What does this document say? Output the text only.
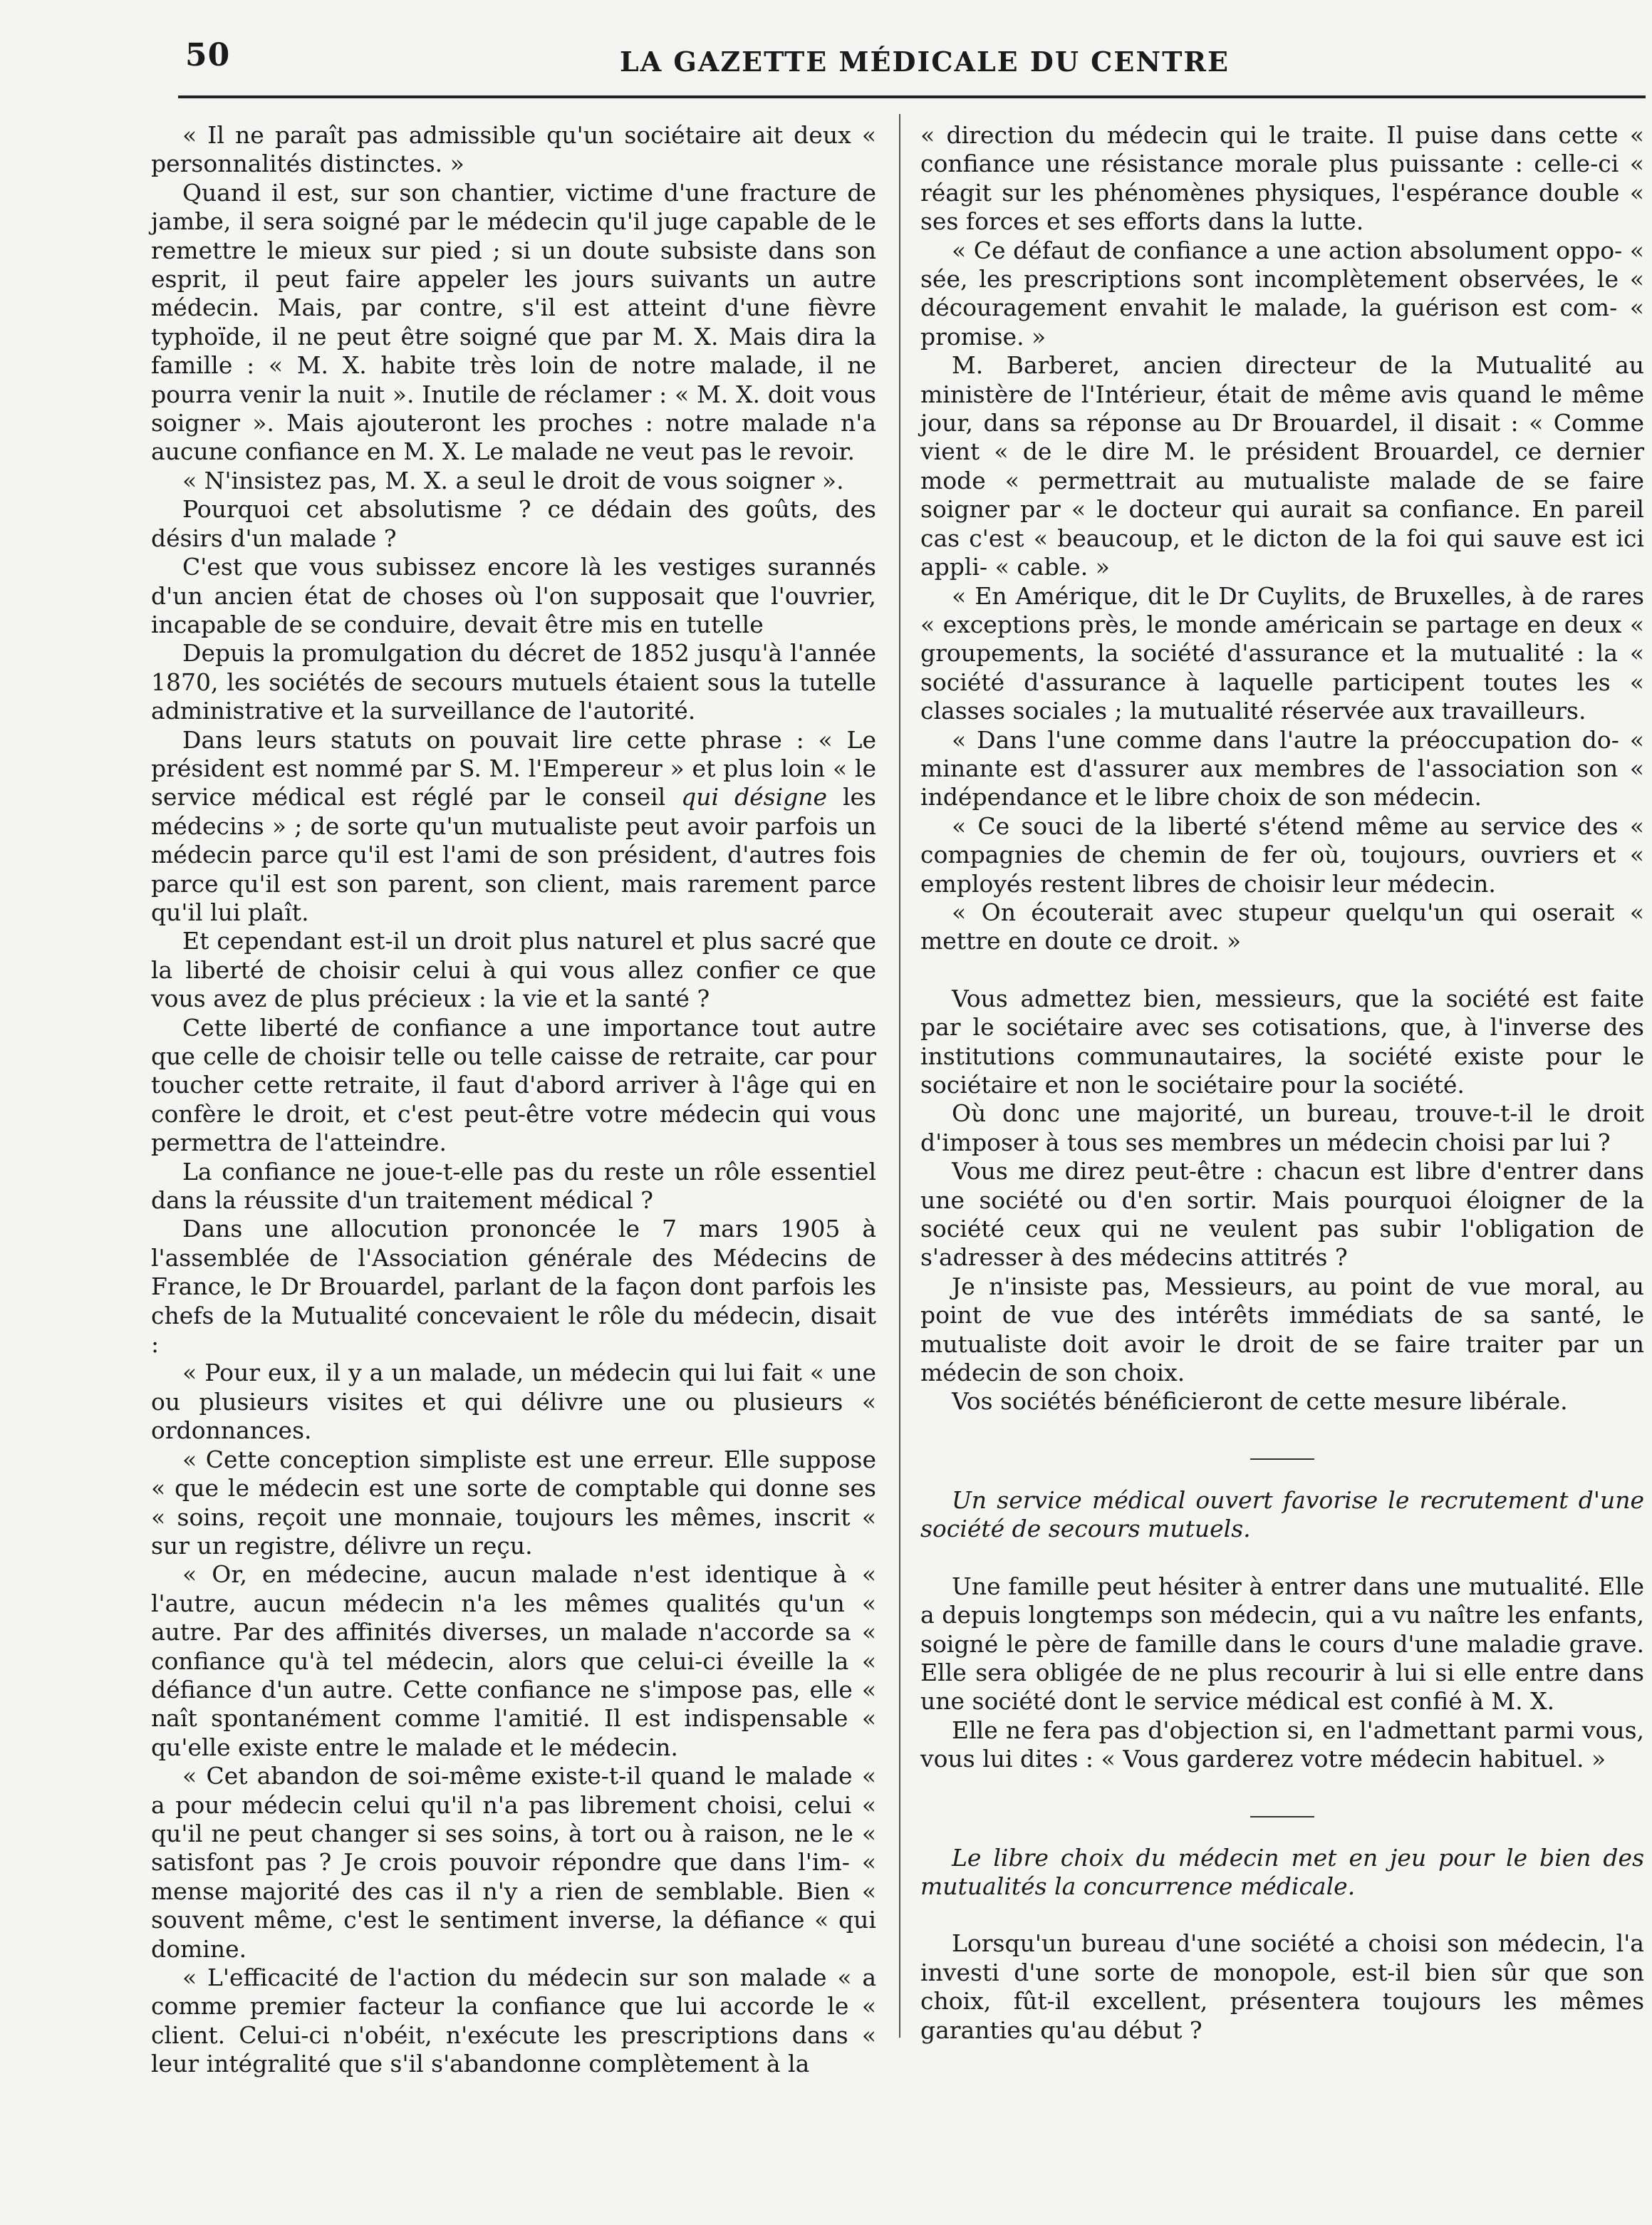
50	LA GAZETTE MÉDICALE DU CENTRE

« Il ne paraît pas admissible qu'un sociétaire ait deux « personnalités distinctes. »

Quand il est, sur son chantier, victime d'une fracture de jambe, il sera soigné par le médecin qu'il juge capable de le remettre le mieux sur pied ; si un doute subsiste dans son esprit, il peut faire appeler les jours suivants un autre médecin. Mais, par contre, s'il est atteint d'une fièvre typhoïde, il ne peut être soigné que par M. X. Mais dira la famille : « M. X. habite très loin de notre malade, il ne pourra venir la nuit ». Inutile de réclamer : « M. X. doit vous soigner ». Mais ajouteront les proches : notre malade n'a aucune confiance en M. X. Le malade ne veut pas le revoir.

« N'insistez pas, M. X. a seul le droit de vous soigner ».

Pourquoi cet absolutisme ? ce dédain des goûts, des désirs d'un malade ?

C'est que vous subissez encore là les vestiges surannés d'un ancien état de choses où l'on supposait que l'ouvrier, incapable de se conduire, devait être mis en tutelle

Depuis la promulgation du décret de 1852 jusqu'à l'année 1870, les sociétés de secours mutuels étaient sous la tutelle administrative et la surveillance de l'autorité.

Dans leurs statuts on pouvait lire cette phrase : « Le président est nommé par S. M. l'Empereur » et plus loin « le service médical est réglé par le conseil qui désigne les médecins » ; de sorte qu'un mutualiste peut avoir parfois un médecin parce qu'il est l'ami de son président, d'autres fois parce qu'il est son parent, son client, mais rarement parce qu'il lui plaît.

Et cependant est-il un droit plus naturel et plus sacré que la liberté de choisir celui à qui vous allez confier ce que vous avez de plus précieux : la vie et la santé ?

Cette liberté de confiance a une importance tout autre que celle de choisir telle ou telle caisse de retraite, car pour toucher cette retraite, il faut d'abord arriver à l'âge qui en confère le droit, et c'est peut-être votre médecin qui vous permettra de l'atteindre.

La confiance ne joue-t-elle pas du reste un rôle essentiel dans la réussite d'un traitement médical ?

Dans une allocution prononcée le 7 mars 1905 à l'assemblée de l'Association générale des Médecins de France, le Dr Brouardel, parlant de la façon dont parfois les chefs de la Mutualité concevaient le rôle du médecin, disait :

« Pour eux, il y a un malade, un médecin qui lui fait « une ou plusieurs visites et qui délivre une ou plusieurs « ordonnances.

« Cette conception simpliste est une erreur. Elle suppose « que le médecin est une sorte de comptable qui donne ses « soins, reçoit une monnaie, toujours les mêmes, inscrit « sur un registre, délivre un reçu.

« Or, en médecine, aucun malade n'est identique à « l'autre, aucun médecin n'a les mêmes qualités qu'un « autre. Par des affinités diverses, un malade n'accorde sa « confiance qu'à tel médecin, alors que celui-ci éveille la « défiance d'un autre. Cette confiance ne s'impose pas, elle « naît spontanément comme l'amitié. Il est indispensable « qu'elle existe entre le malade et le médecin.

« Cet abandon de soi-même existe-t-il quand le malade « a pour médecin celui qu'il n'a pas librement choisi, celui « qu'il ne peut changer si ses soins, à tort ou à raison, ne le « satisfont pas ? Je crois pouvoir répondre que dans l'im- « mense majorité des cas il n'y a rien de semblable. Bien « souvent même, c'est le sentiment inverse, la défiance « qui domine.

« L'efficacité de l'action du médecin sur son malade « a comme premier facteur la confiance que lui accorde le « client. Celui-ci n'obéit, n'exécute les prescriptions dans « leur intégralité que s'il s'abandonne complètement à la

« direction du médecin qui le traite. Il puise dans cette « confiance une résistance morale plus puissante : celle-ci « réagit sur les phénomènes physiques, l'espérance double « ses forces et ses efforts dans la lutte.

« Ce défaut de confiance a une action absolument oppo- « sée, les prescriptions sont incomplètement observées, le « découragement envahit le malade, la guérison est com- « promise. »

M. Barberet, ancien directeur de la Mutualité au ministère de l'Intérieur, était de même avis quand le même jour, dans sa réponse au Dr Brouardel, il disait : « Comme vient « de le dire M. le président Brouardel, ce dernier mode « permettrait au mutualiste malade de se faire soigner par « le docteur qui aurait sa confiance. En pareil cas c'est « beaucoup, et le dicton de la foi qui sauve est ici appli- « cable. »

« En Amérique, dit le Dr Cuylits, de Bruxelles, à de rares « exceptions près, le monde américain se partage en deux « groupements, la société d'assurance et la mutualité : la « société d'assurance à laquelle participent toutes les « classes sociales ; la mutualité réservée aux travailleurs.

« Dans l'une comme dans l'autre la préoccupation do- « minante est d'assurer aux membres de l'association son « indépendance et le libre choix de son médecin.

« Ce souci de la liberté s'étend même au service des « compagnies de chemin de fer où, toujours, ouvriers et « employés restent libres de choisir leur médecin.

« On écouterait avec stupeur quelqu'un qui oserait « mettre en doute ce droit. »

Vous admettez bien, messieurs, que la société est faite par le sociétaire avec ses cotisations, que, à l'inverse des institutions communautaires, la société existe pour le sociétaire et non le sociétaire pour la société.

Où donc une majorité, un bureau, trouve-t-il le droit d'imposer à tous ses membres un médecin choisi par lui ?

Vous me direz peut-être : chacun est libre d'entrer dans une société ou d'en sortir. Mais pourquoi éloigner de la société ceux qui ne veulent pas subir l'obligation de s'adresser à des médecins attitrés ?

Je n'insiste pas, Messieurs, au point de vue moral, au point de vue des intérêts immédiats de sa santé, le mutualiste doit avoir le droit de se faire traiter par un médecin de son choix.

Vos sociétés bénéficieront de cette mesure libérale.

Un service médical ouvert favorise le recrutement d'une société de secours mutuels.

Une famille peut hésiter à entrer dans une mutualité. Elle a depuis longtemps son médecin, qui a vu naître les enfants, soigné le père de famille dans le cours d'une maladie grave. Elle sera obligée de ne plus recourir à lui si elle entre dans une société dont le service médical est confié à M. X.

Elle ne fera pas d'objection si, en l'admettant parmi vous, vous lui dites : « Vous garderez votre médecin habituel. »

Le libre choix du médecin met en jeu pour le bien des mutualités la concurrence médicale.

Lorsqu'un bureau d'une société a choisi son médecin, l'a investi d'une sorte de monopole, est-il bien sûr que son choix, fût-il excellent, présentera toujours les mêmes garanties qu'au début ?
